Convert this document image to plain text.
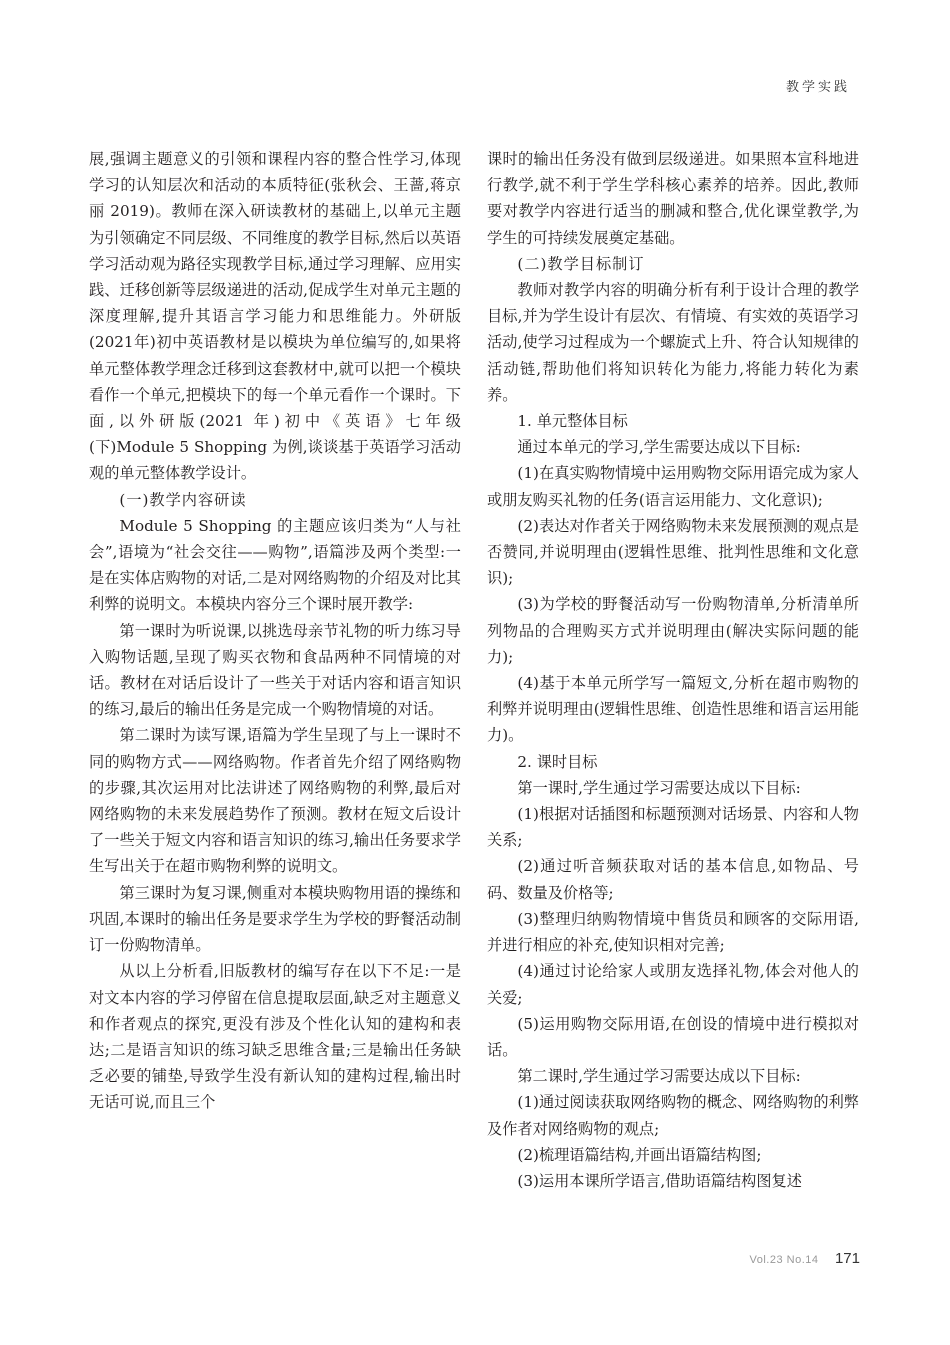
教学实践

展,强调主题意义的引领和课程内容的整合性学习,体现学习的认知层次和活动的本质特征(张秋会、王蔷,蒋京丽 2019)。教师在深入研读教材的基础上,以单元主题为引领确定不同层级、不同维度的教学目标,然后以英语学习活动观为路径实现教学目标,通过学习理解、应用实践、迁移创新等层级递进的活动,促成学生对单元主题的深度理解,提升其语言学习能力和思维能力。外研版(2021年)初中英语教材是以模块为单位编写的,如果将单元整体教学理念迁移到这套教材中,就可以把一个模块看作一个单元,把模块下的每一个单元看作一个课时。下面,以外研版(2021 年)初中《英语》七年级(下)Module 5 Shopping 为例,谈谈基于英语学习活动观的单元整体教学设计。

(一)教学内容研读

Module 5 Shopping 的主题应该归类为“人与社会”,语境为“社会交往——购物”,语篇涉及两个类型:一是在实体店购物的对话,二是对网络购物的介绍及对比其利弊的说明文。本模块内容分三个课时展开教学:

第一课时为听说课,以挑选母亲节礼物的听力练习导入购物话题,呈现了购买衣物和食品两种不同情境的对话。教材在对话后设计了一些关于对话内容和语言知识的练习,最后的输出任务是完成一个购物情境的对话。

第二课时为读写课,语篇为学生呈现了与上一课时不同的购物方式——网络购物。作者首先介绍了网络购物的步骤,其次运用对比法讲述了网络购物的利弊,最后对网络购物的未来发展趋势作了预测。教材在短文后设计了一些关于短文内容和语言知识的练习,输出任务要求学生写出关于在超市购物利弊的说明文。

第三课时为复习课,侧重对本模块购物用语的操练和巩固,本课时的输出任务是要求学生为学校的野餐活动制订一份购物清单。

从以上分析看,旧版教材的编写存在以下不足:一是对文本内容的学习停留在信息提取层面,缺乏对主题意义和作者观点的探究,更没有涉及个性化认知的建构和表达;二是语言知识的练习缺乏思维含量;三是输出任务缺乏必要的铺垫,导致学生没有新认知的建构过程,输出时无话可说,而且三个

课时的输出任务没有做到层级递进。如果照本宣科地进行教学,就不利于学生学科核心素养的培养。因此,教师要对教学内容进行适当的删减和整合,优化课堂教学,为学生的可持续发展奠定基础。

(二)教学目标制订

教师对教学内容的明确分析有利于设计合理的教学目标,并为学生设计有层次、有情境、有实效的英语学习活动,使学习过程成为一个螺旋式上升、符合认知规律的活动链,帮助他们将知识转化为能力,将能力转化为素养。

1. 单元整体目标

通过本单元的学习,学生需要达成以下目标:

(1)在真实购物情境中运用购物交际用语完成为家人或朋友购买礼物的任务(语言运用能力、文化意识);

(2)表达对作者关于网络购物未来发展预测的观点是否赞同,并说明理由(逻辑性思维、批判性思维和文化意识);

(3)为学校的野餐活动写一份购物清单,分析清单所列物品的合理购买方式并说明理由(解决实际问题的能力);

(4)基于本单元所学写一篇短文,分析在超市购物的利弊并说明理由(逻辑性思维、创造性思维和语言运用能力)。

2. 课时目标

第一课时,学生通过学习需要达成以下目标:

(1)根据对话插图和标题预测对话场景、内容和人物关系;

(2)通过听音频获取对话的基本信息,如物品、号码、数量及价格等;

(3)整理归纳购物情境中售货员和顾客的交际用语,并进行相应的补充,使知识相对完善;

(4)通过讨论给家人或朋友选择礼物,体会对他人的关爱;

(5)运用购物交际用语,在创设的情境中进行模拟对话。

第二课时,学生通过学习需要达成以下目标:

(1)通过阅读获取网络购物的概念、网络购物的利弊及作者对网络购物的观点;

(2)梳理语篇结构,并画出语篇结构图;

(3)运用本课所学语言,借助语篇结构图复述

Vol.23 No.14 171
